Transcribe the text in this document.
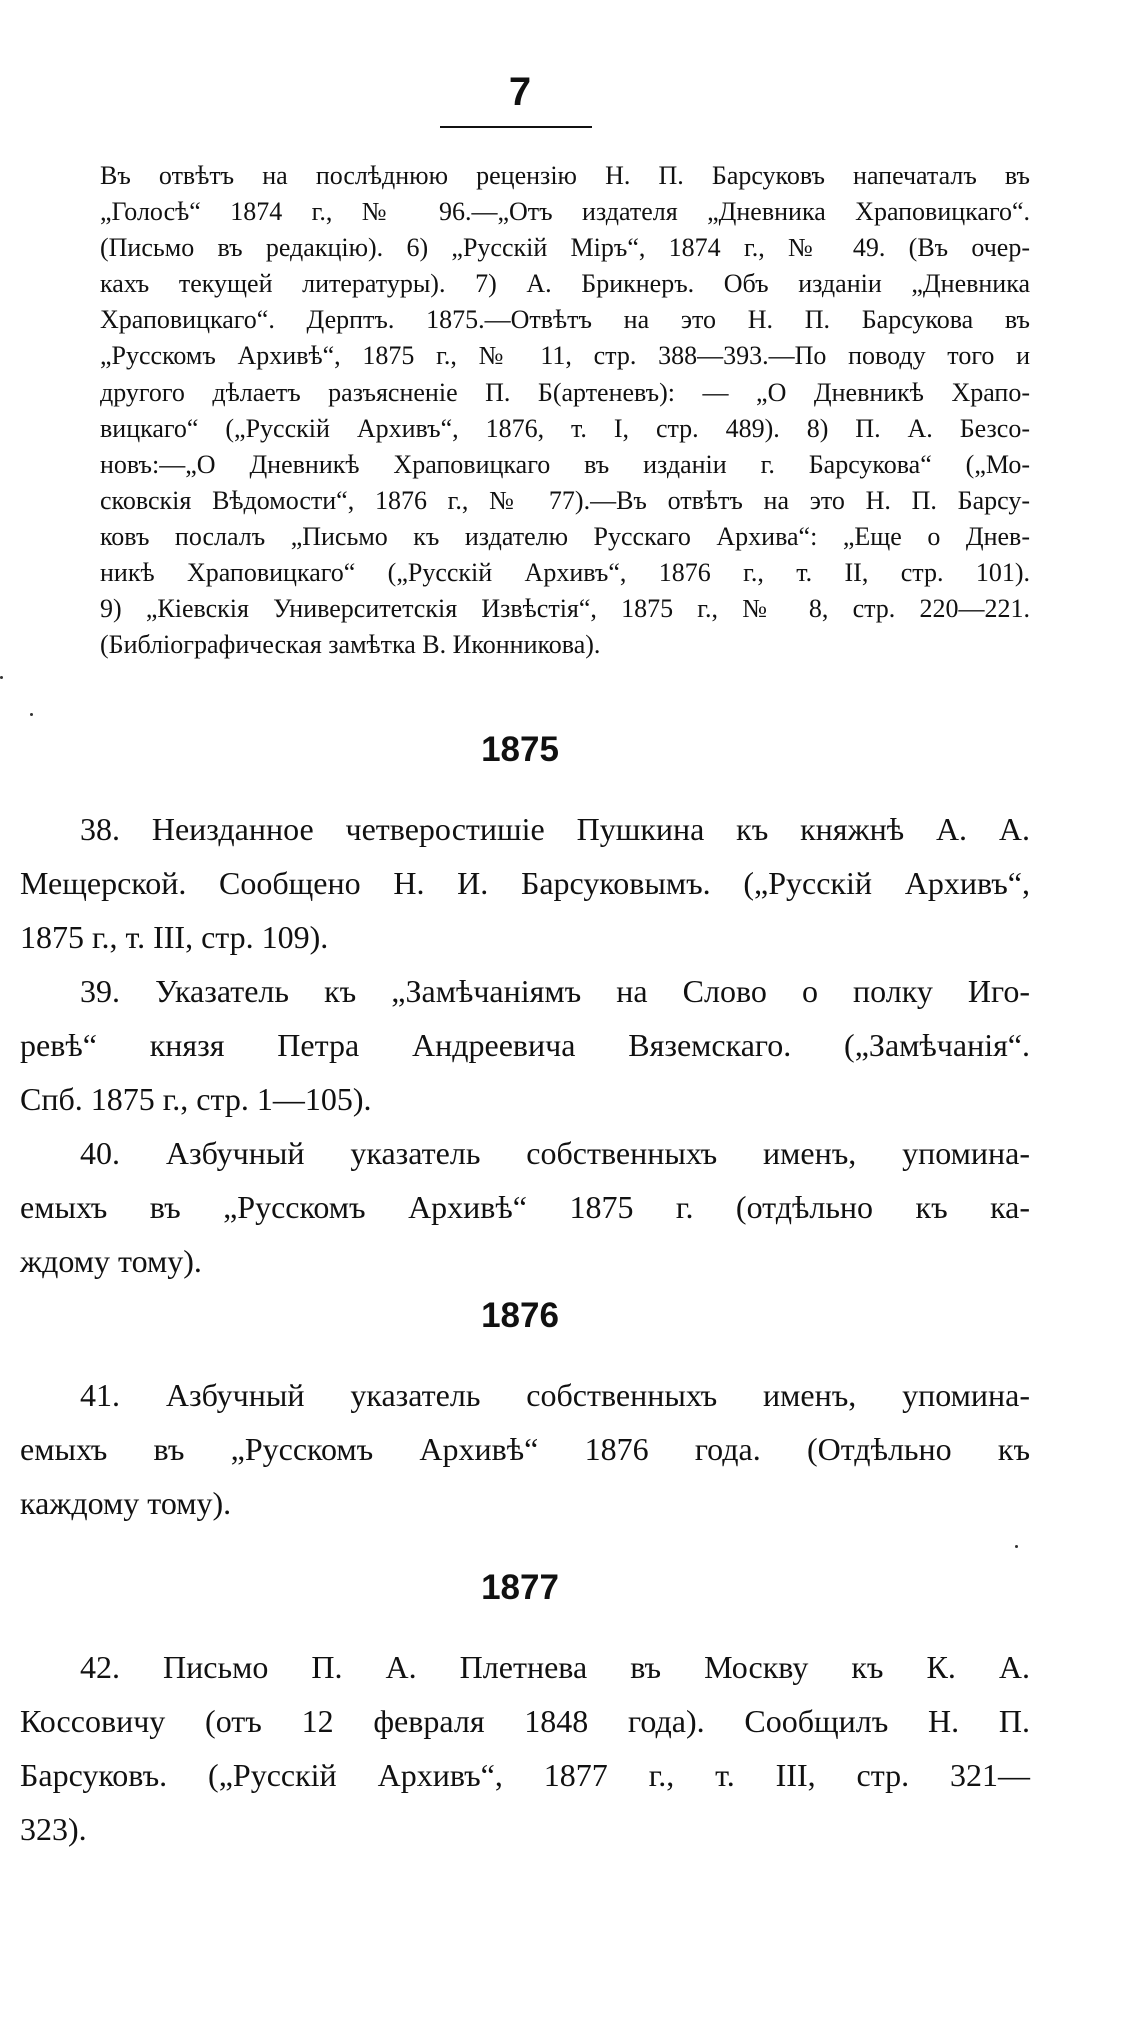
7
Въ отвѣтъ на послѣднюю рецензію Н. П. Барсуковъ напечаталъ въ
„Голосѣ“ 1874 г., № 96.—„Отъ издателя „Дневника Храповицкаго“.
(Письмо въ редакцію). 6) „Русскій Міръ“, 1874 г., № 49. (Въ очер-
кахъ текущей литературы). 7) А. Брикнеръ. Объ изданіи „Дневника
Храповицкаго“. Дерптъ. 1875.—Отвѣтъ на это Н. П. Барсукова въ
„Русскомъ Архивѣ“, 1875 г., № 11, стр. 388—393.—По поводу того и
другого дѣлаетъ разъясненіе П. Б(артеневъ): — „О Дневникѣ Храпо-
вицкаго“ („Русскій Архивъ“, 1876, т. I, стр. 489). 8) П. А. Безсо-
новъ:—„О Дневникѣ Храповицкаго въ изданіи г. Барсукова“ („Мо-
сковскія Вѣдомости“, 1876 г., № 77).—Въ отвѣтъ на это Н. П. Барсу-
ковъ послалъ „Письмо къ издателю Русскаго Архива“: „Еще о Днев-
никѣ Храповицкаго“ („Русскій Архивъ“, 1876 г., т. II, стр. 101).
9) „Кіевскія Университетскія Извѣстія“, 1875 г., № 8, стр. 220—221.
(Библіографическая замѣтка В. Иконникова).
1875
38. Неизданное четверостишіе Пушкина къ княжнѣ А. А.
Мещерской. Сообщено Н. И. Барсуковымъ. („Русскій Архивъ“,
1875 г., т. III, стр. 109).
39. Указатель къ „Замѣчаніямъ на Слово о полку Иго-
ревѣ“ князя Петра Андреевича Вяземскаго. („Замѣчанія“.
Спб. 1875 г., стр. 1—105).
40. Азбучный указатель собственныхъ именъ, упомина-
емыхъ въ „Русскомъ Архивѣ“ 1875 г. (отдѣльно къ ка-
ждому тому).
1876
41. Азбучный указатель собственныхъ именъ, упомина-
емыхъ въ „Русскомъ Архивѣ“ 1876 года. (Отдѣльно къ
каждому тому).
1877
42. Письмо П. А. Плетнева въ Москву къ К. А.
Коссовичу (отъ 12 февраля 1848 года). Сообщилъ Н. П.
Барсуковъ. („Русскій Архивъ“, 1877 г., т. III, стр. 321—
323).
